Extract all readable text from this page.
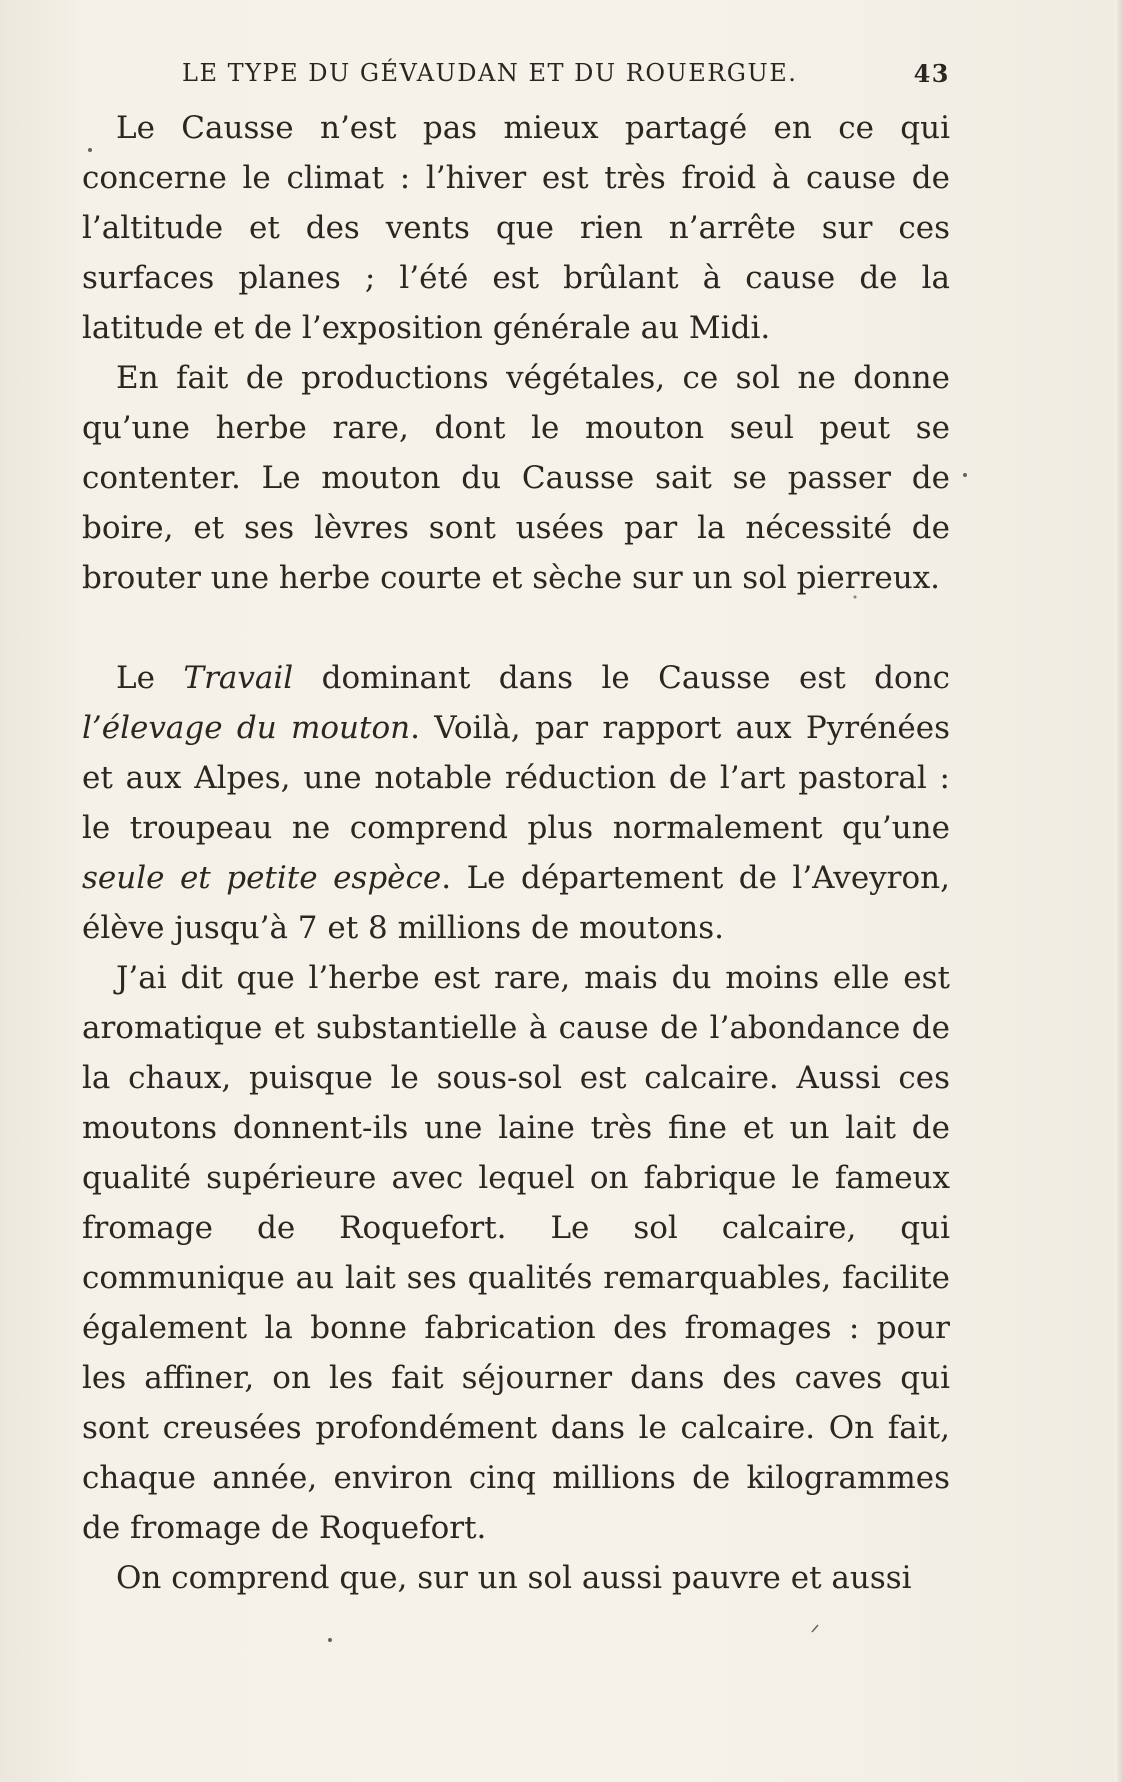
LE TYPE DU GÉVAUDAN ET DU ROUERGUE.	43

Le Causse n’est pas mieux partagé en ce qui concerne le climat : l’hiver est très froid à cause de l’altitude et des vents que rien n’arrête sur ces surfaces planes ; l’été est brûlant à cause de la latitude et de l’exposition générale au Midi.

En fait de productions végétales, ce sol ne donne qu’une herbe rare, dont le mouton seul peut se contenter. Le mouton du Causse sait se passer de boire, et ses lèvres sont usées par la nécessité de brouter une herbe courte et sèche sur un sol pierreux.

Le Travail dominant dans le Causse est donc l’élevage du mouton. Voilà, par rapport aux Pyrénées et aux Alpes, une notable réduction de l’art pastoral : le troupeau ne comprend plus normalement qu’une seule et petite espèce. Le département de l’Aveyron, élève jusqu’à 7 et 8 millions de moutons.

J’ai dit que l’herbe est rare, mais du moins elle est aromatique et substantielle à cause de l’abondance de la chaux, puisque le sous-sol est calcaire. Aussi ces moutons donnent-ils une laine très fine et un lait de qualité supérieure avec lequel on fabrique le fameux fromage de Roquefort. Le sol calcaire, qui communique au lait ses qualités remarquables, facilite également la bonne fabrication des fromages : pour les affiner, on les fait séjourner dans des caves qui sont creusées profondément dans le calcaire. On fait, chaque année, environ cinq millions de kilogrammes de fromage de Roquefort.

On comprend que, sur un sol aussi pauvre et aussi
